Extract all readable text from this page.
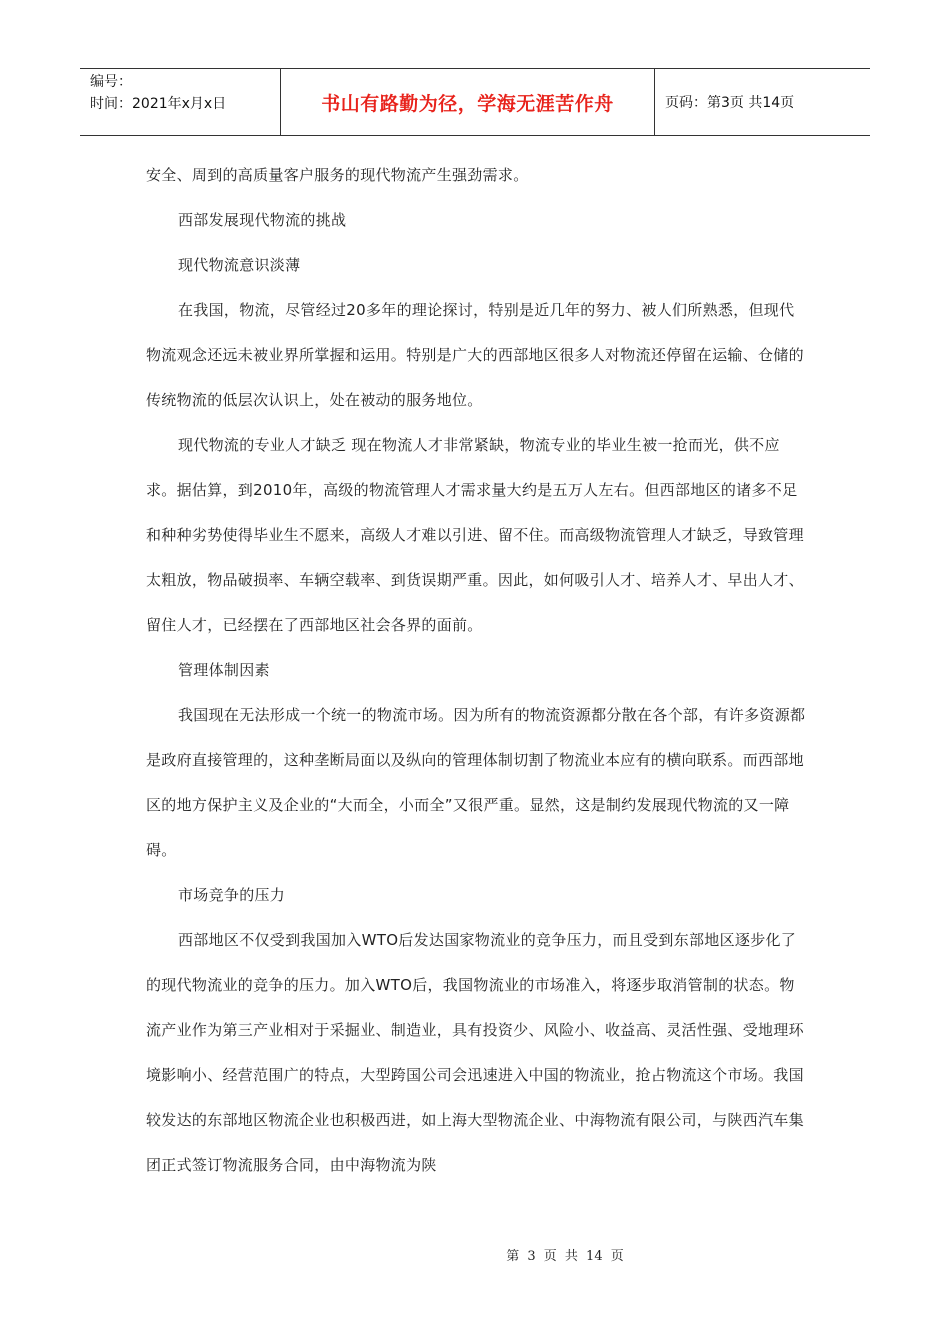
编号：
时间：2021年x月x日	书山有路勤为径，学海无涯苦作舟	页码：第3页 共14页

安全、周到的高质量客户服务的现代物流产生强劲需求。

西部发展现代物流的挑战

现代物流意识淡薄

在我国，物流，尽管经过20多年的理论探讨，特别是近几年的努力、被人们所熟悉，但现代物流观念还远未被业界所掌握和运用。特别是广大的西部地区很多人对物流还停留在运输、仓储的传统物流的低层次认识上，处在被动的服务地位。

现代物流的专业人才缺乏 现在物流人才非常紧缺，物流专业的毕业生被一抢而光，供不应求。据估算，到2010年，高级的物流管理人才需求量大约是五万人左右。但西部地区的诸多不足和种种劣势使得毕业生不愿来，高级人才难以引进、留不住。而高级物流管理人才缺乏，导致管理太粗放，物品破损率、车辆空载率、到货误期严重。因此，如何吸引人才、培养人才、早出人才、留住人才，已经摆在了西部地区社会各界的面前。

管理体制因素

我国现在无法形成一个统一的物流市场。因为所有的物流资源都分散在各个部，有许多资源都是政府直接管理的，这种垄断局面以及纵向的管理体制切割了物流业本应有的横向联系。而西部地区的地方保护主义及企业的“大而全，小而全”又很严重。显然，这是制约发展现代物流的又一障碍。

市场竞争的压力

西部地区不仅受到我国加入WTO后发达国家物流业的竞争压力，而且受到东部地区逐步化了的现代物流业的竞争的压力。加入WTO后，我国物流业的市场准入，将逐步取消管制的状态。物流产业作为第三产业相对于采掘业、制造业，具有投资少、风险小、收益高、灵活性强、受地理环境影响小、经营范围广的特点，大型跨国公司会迅速进入中国的物流业，抢占物流这个市场。我国较发达的东部地区物流企业也积极西进，如上海大型物流企业、中海物流有限公司，与陕西汽车集团正式签订物流服务合同，由中海物流为陕

第 3 页 共 14 页
